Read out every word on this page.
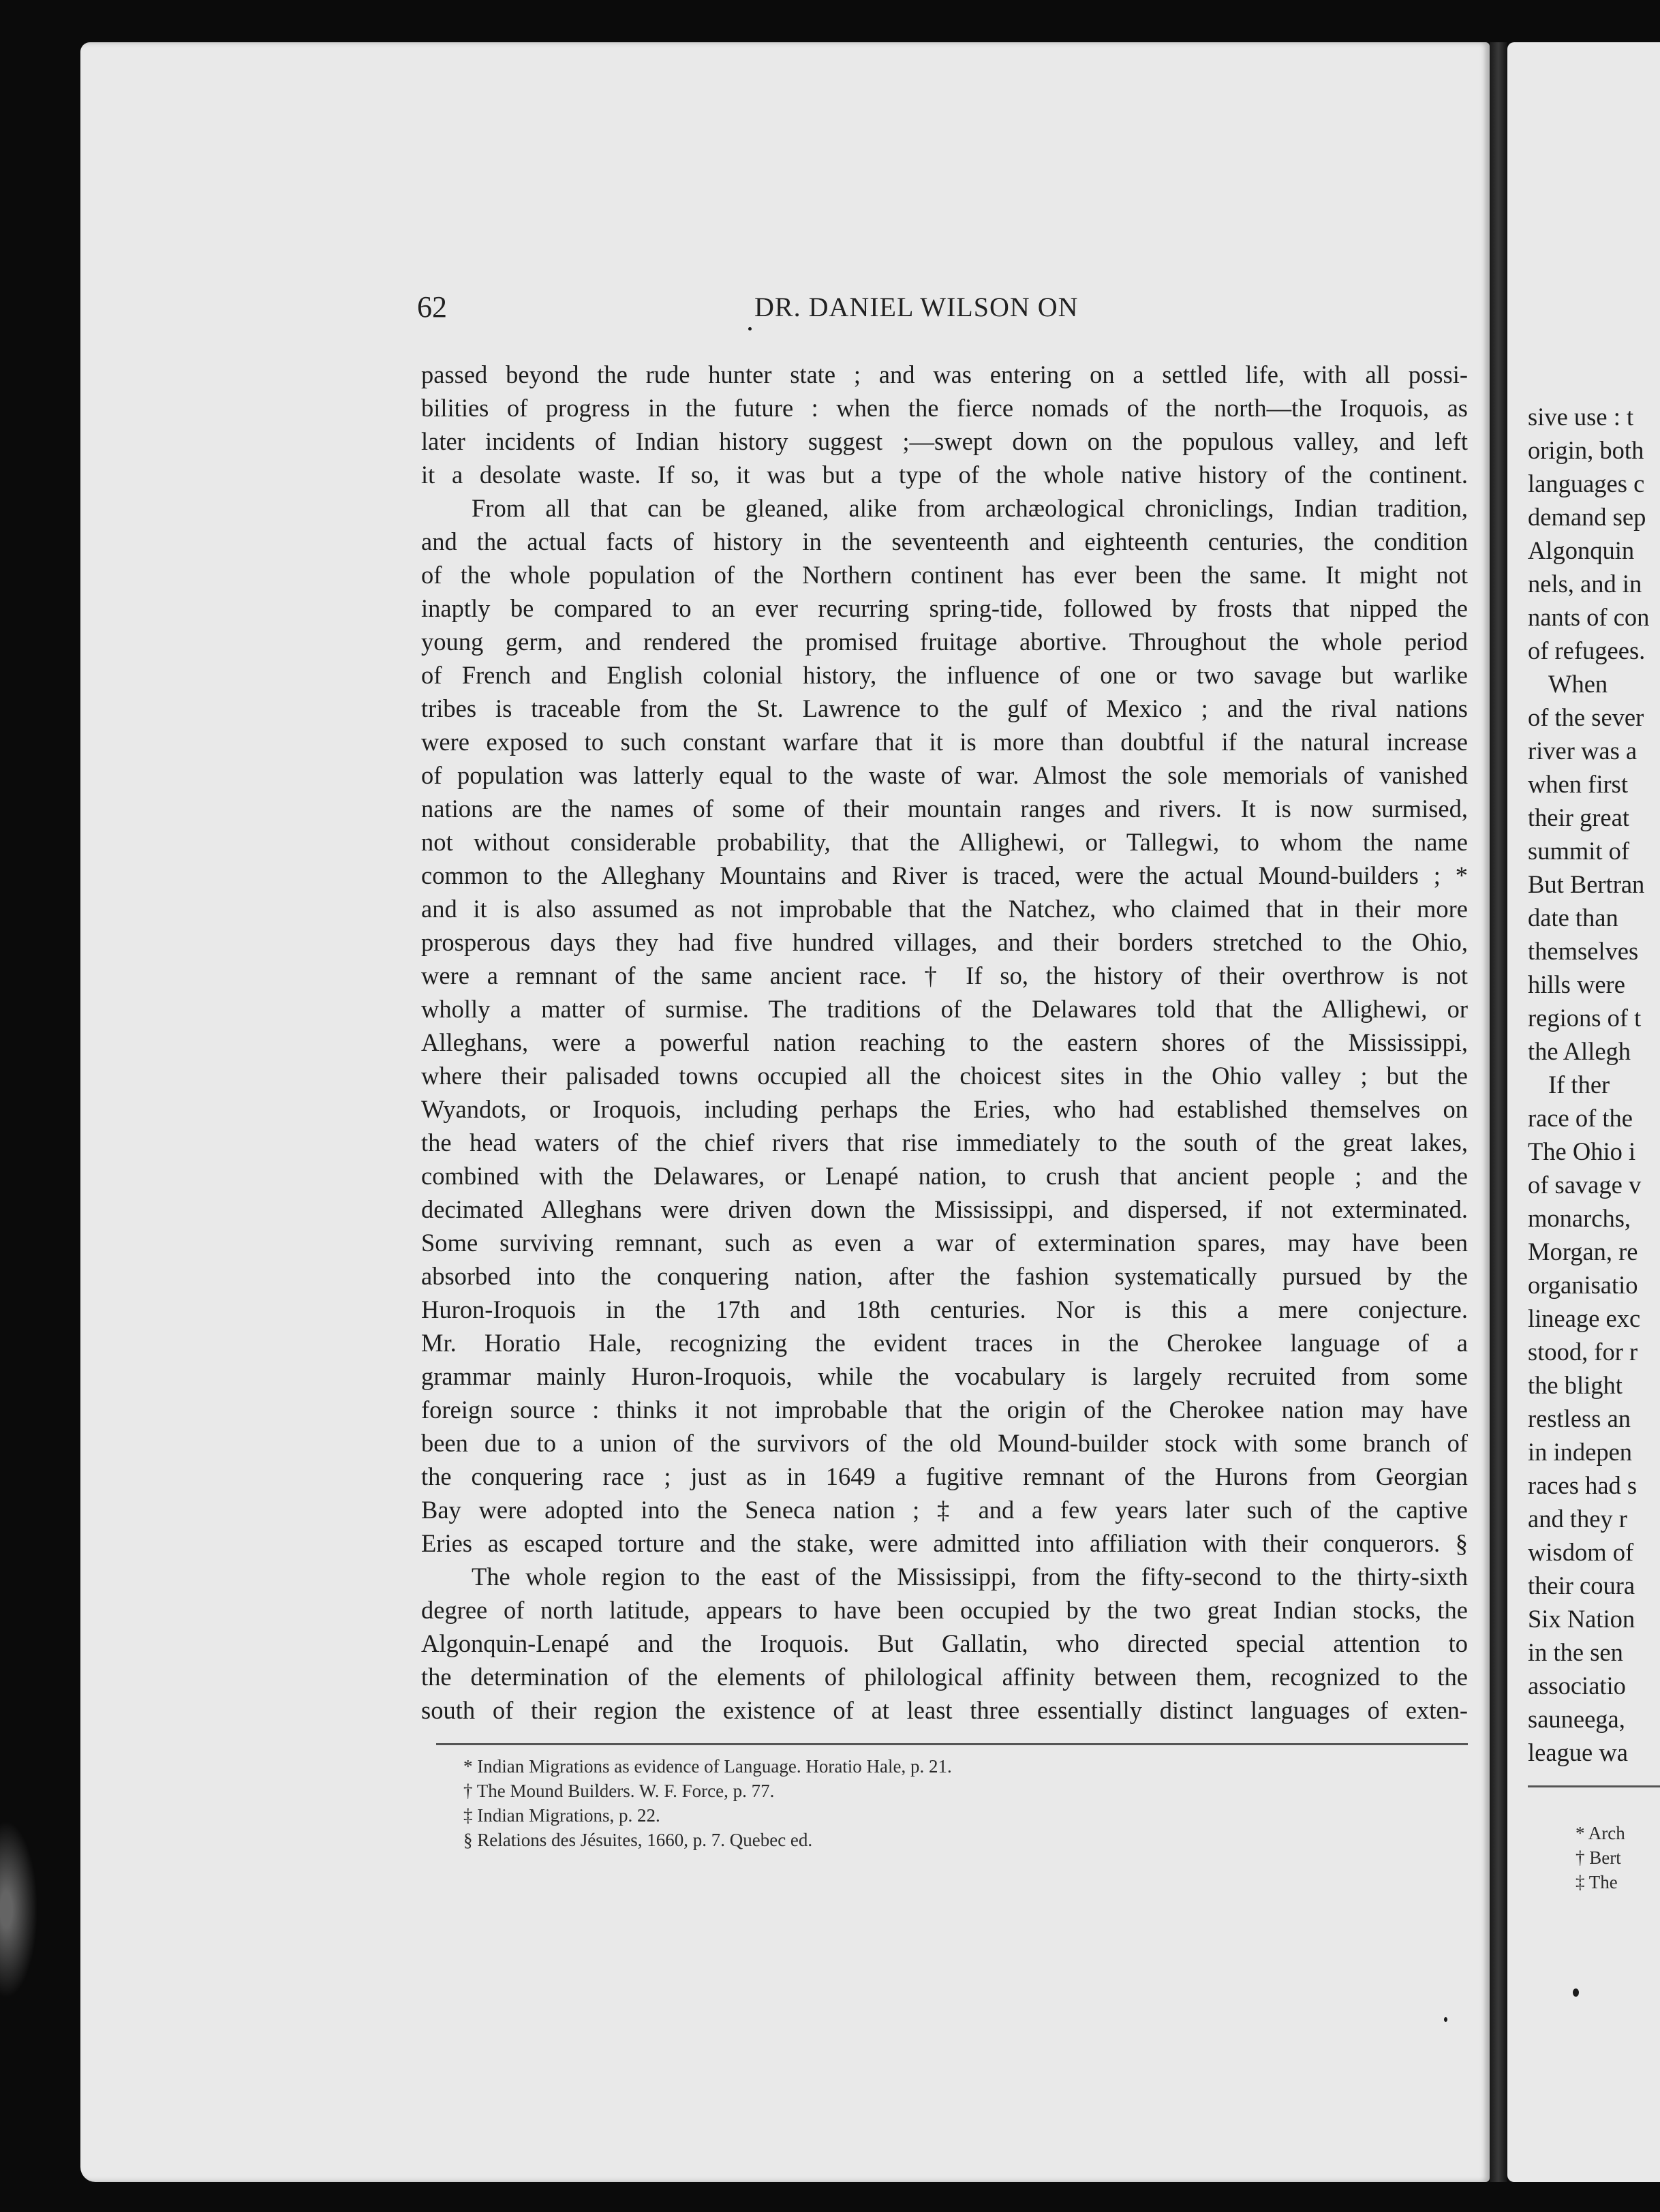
sive use : t

origin, both

languages c

demand sep

Algonquin

nels, and in

nants of con

of refugees.

When

of the sever

river was a

when first

their great

summit of

But Bertran

date than

themselves

hills were

regions of t

the Allegh

If ther

race of the

The Ohio i

of savage v

monarchs,

Morgan, re

organisatio

lineage exc

stood, for r

the blight

restless an

in indepen

races had s

and they r

wisdom of

their coura

Six Nation

in the sen

associatio

sauneega,

league wa

* Arch
† Bert
‡ The
62	DR. DANIEL WILSON ON

passed beyond the rude hunter state ; and was entering on a settled life, with all possi-

bilities of progress in the future : when the fierce nomads of the north—the Iroquois, as

later incidents of Indian history suggest ;—swept down on the populous valley, and left

it a desolate waste. If so, it was but a type of the whole native history of the continent.

From all that can be gleaned, alike from archæological chroniclings, Indian tradition,

and the actual facts of history in the seventeenth and eighteenth centuries, the condition

of the whole population of the Northern continent has ever been the same. It might not

inaptly be compared to an ever recurring spring-tide, followed by frosts that nipped the

young germ, and rendered the promised fruitage abortive. Throughout the whole period

of French and English colonial history, the influence of one or two savage but warlike

tribes is traceable from the St. Lawrence to the gulf of Mexico ; and the rival nations

were exposed to such constant warfare that it is more than doubtful if the natural increase

of population was latterly equal to the waste of war. Almost the sole memorials of vanished

nations are the names of some of their mountain ranges and rivers. It is now surmised,

not without considerable probability, that the Allighewi, or Tallegwi, to whom the name

common to the Alleghany Mountains and River is traced, were the actual Mound-builders ; *

and it is also assumed as not improbable that the Natchez, who claimed that in their more

prosperous days they had five hundred villages, and their borders stretched to the Ohio,

were a remnant of the same ancient race. † If so, the history of their overthrow is not

wholly a matter of surmise. The traditions of the Delawares told that the Allighewi, or

Alleghans, were a powerful nation reaching to the eastern shores of the Mississippi,

where their palisaded towns occupied all the choicest sites in the Ohio valley ; but the

Wyandots, or Iroquois, including perhaps the Eries, who had established themselves on

the head waters of the chief rivers that rise immediately to the south of the great lakes,

combined with the Delawares, or Lenapé nation, to crush that ancient people ; and the

decimated Alleghans were driven down the Mississippi, and dispersed, if not exterminated.

Some surviving remnant, such as even a war of extermination spares, may have been

absorbed into the conquering nation, after the fashion systematically pursued by the

Huron-Iroquois in the 17th and 18th centuries. Nor is this a mere conjecture.

Mr. Horatio Hale, recognizing the evident traces in the Cherokee language of a

grammar mainly Huron-Iroquois, while the vocabulary is largely recruited from some

foreign source : thinks it not improbable that the origin of the Cherokee nation may have

been due to a union of the survivors of the old Mound-builder stock with some branch of

the conquering race ; just as in 1649 a fugitive remnant of the Hurons from Georgian

Bay were adopted into the Seneca nation ; ‡ and a few years later such of the captive

Eries as escaped torture and the stake, were admitted into affiliation with their conquerors. §

The whole region to the east of the Mississippi, from the fifty-second to the thirty-sixth

degree of north latitude, appears to have been occupied by the two great Indian stocks, the

Algonquin-Lenapé and the Iroquois. But Gallatin, who directed special attention to

the determination of the elements of philological affinity between them, recognized to the

south of their region the existence of at least three essentially distinct languages of exten-

* Indian Migrations as evidence of Language. Horatio Hale, p. 21.
† The Mound Builders. W. F. Force, p. 77.
‡ Indian Migrations, p. 22.
§ Relations des Jésuites, 1660, p. 7. Quebec ed.
